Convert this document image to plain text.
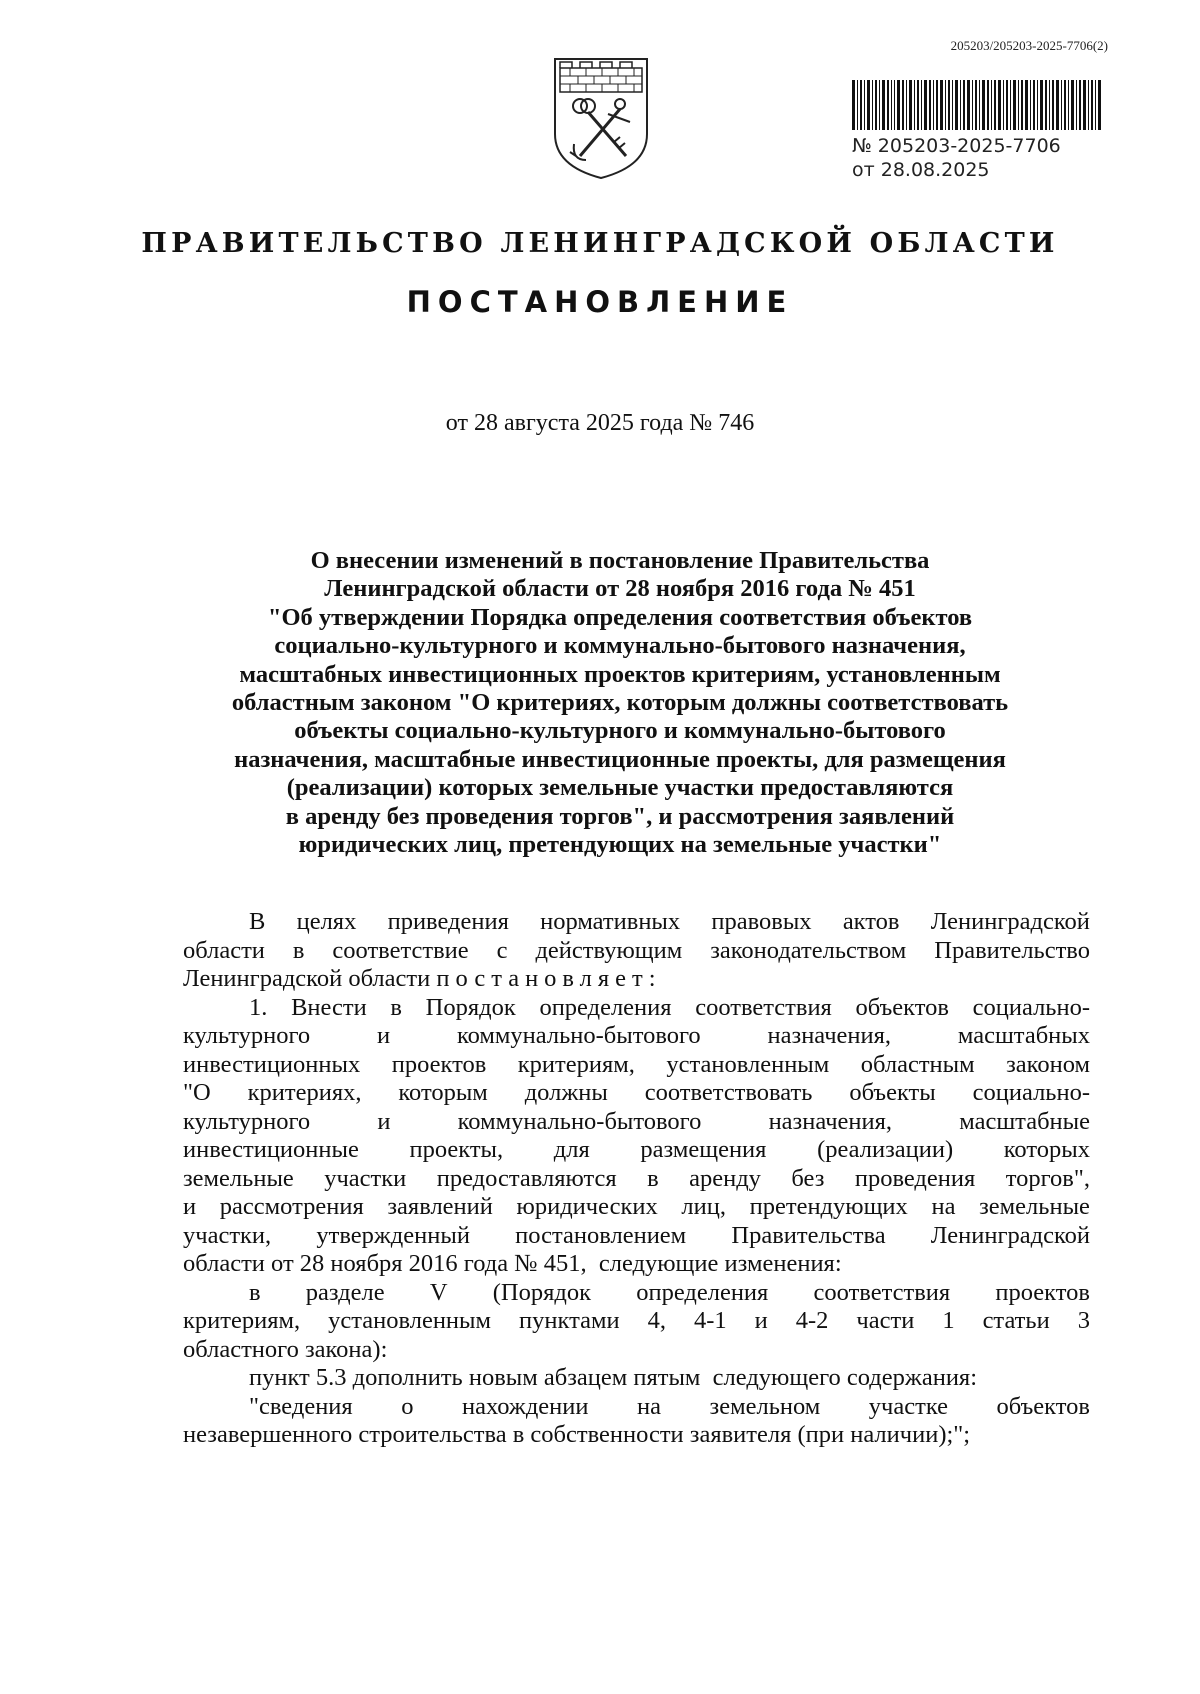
205203/205203-2025-7706(2)
№ 205203-2025-7706
от 28.08.2025
ПРАВИТЕЛЬСТВО ЛЕНИНГРАДСКОЙ ОБЛАСТИ
ПОСТАНОВЛЕНИЕ
от 28 августа 2025 года № 746
О внесении изменений в постановление Правительства
Ленинградской области от 28 ноября 2016 года № 451
"Об утверждении Порядка определения соответствия объектов
социально-культурного и коммунально-бытового назначения,
масштабных инвестиционных проектов критериям, установленным
областным законом "О критериях, которым должны соответствовать
объекты социально-культурного и коммунально-бытового
назначения, масштабные инвестиционные проекты, для размещения
(реализации) которых земельные участки предоставляются
в аренду без проведения торгов", и рассмотрения заявлений
юридических лиц, претендующих на земельные участки"
В целях приведения нормативных правовых актов Ленинградской
области в соответствие с действующим законодательством Правительство
Ленинградской области постановляет:
1. Внести в Порядок определения соответствия объектов социально-
культурного	и	коммунально-бытового	назначения,	масштабных
инвестиционных проектов критериям, установленным областным законом
"О критериях, которым должны соответствовать объекты социально-
культурного	и	коммунально-бытового	назначения,	масштабные
инвестиционные проекты, для размещения (реализации) которых
земельные участки предоставляются в аренду без проведения торгов",
и рассмотрения заявлений юридических лиц, претендующих на земельные
участки, утвержденный постановлением Правительства Ленинградской
области от 28 ноября 2016 года № 451,  следующие изменения:
в разделе V (Порядок определения соответствия проектов
критериям, установленным пунктами 4, 4-1 и 4-2 части 1 статьи 3
областного закона):
пункт 5.3 дополнить новым абзацем пятым  следующего содержания:
"сведения о нахождении на земельном участке объектов
незавершенного строительства в собственности заявителя (при наличии);";
